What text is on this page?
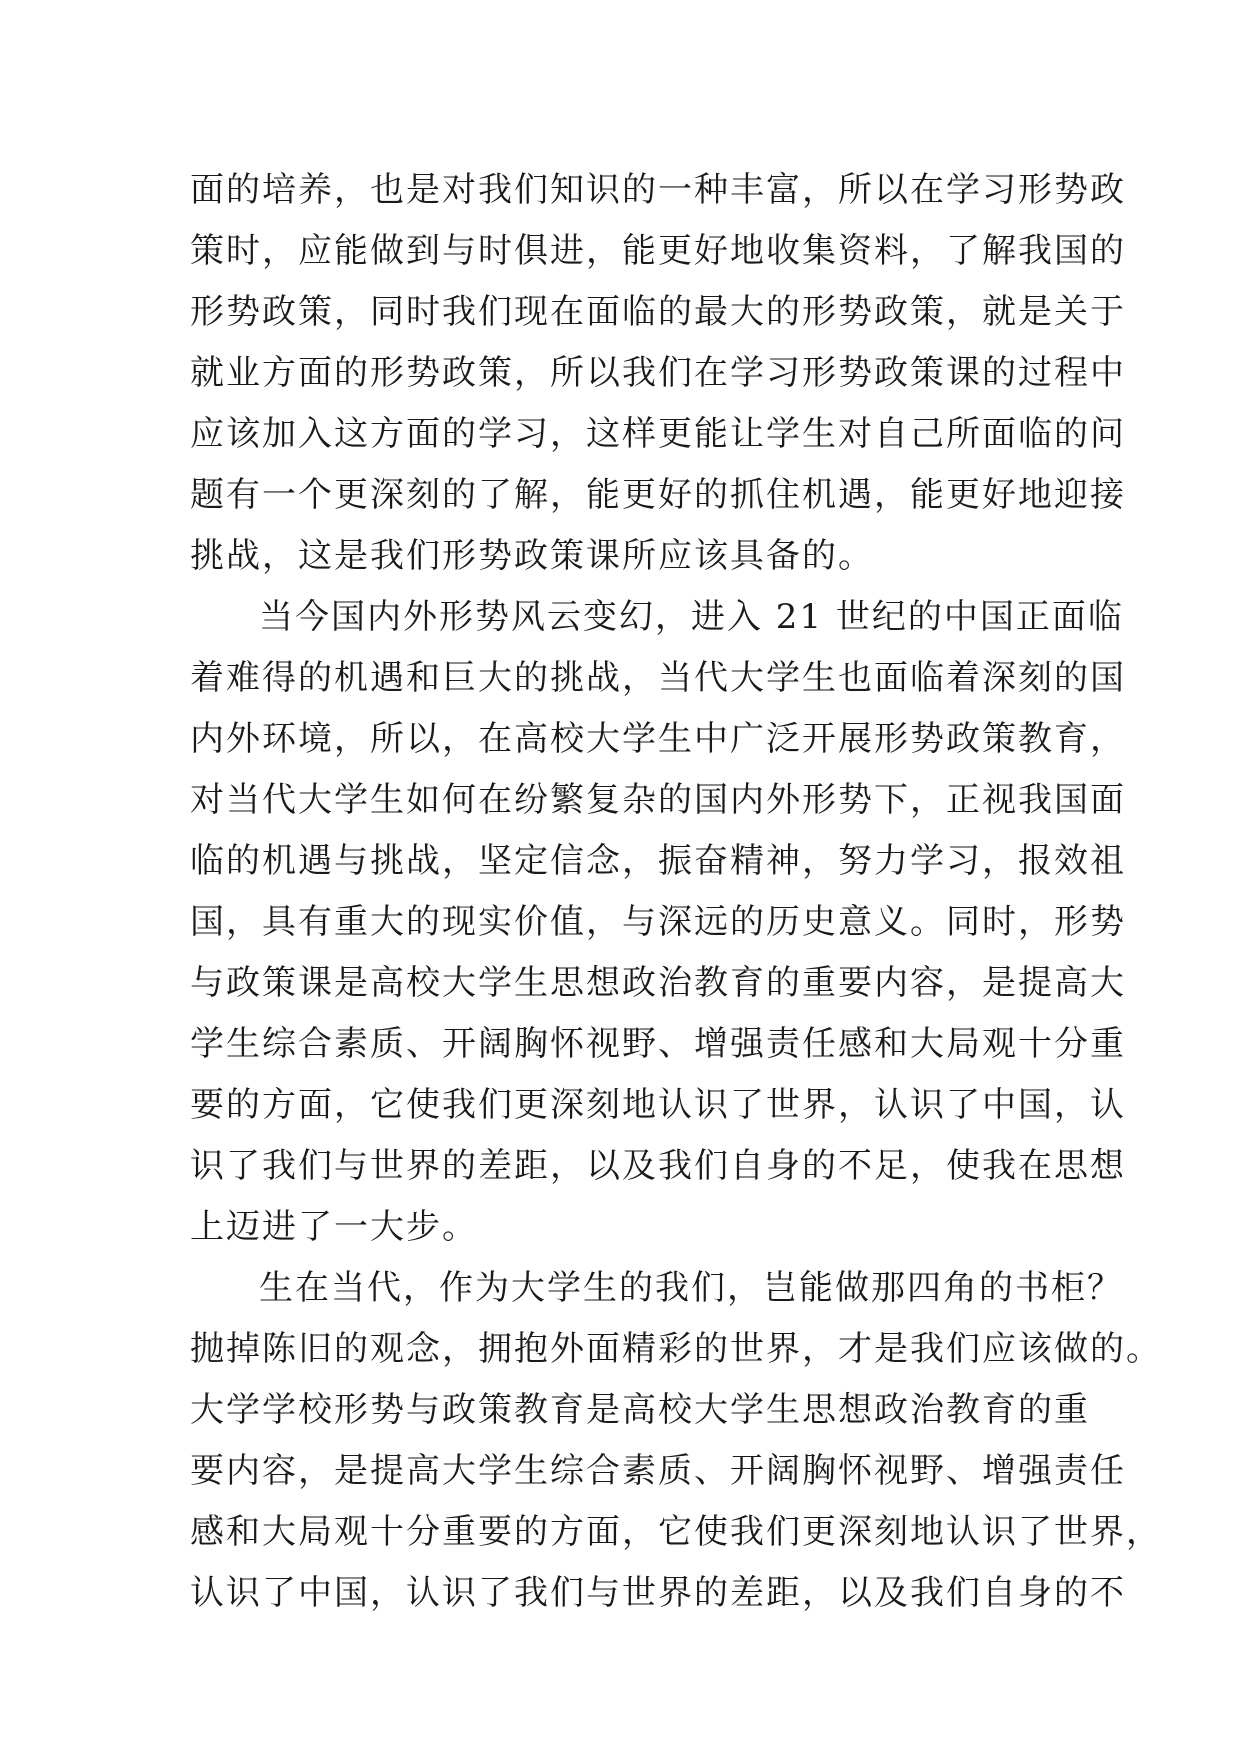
面的培养，也是对我们知识的一种丰富，所以在学习形势政
策时，应能做到与时俱进，能更好地收集资料，了解我国的
形势政策，同时我们现在面临的最大的形势政策，就是关于
就业方面的形势政策，所以我们在学习形势政策课的过程中
应该加入这方面的学习，这样更能让学生对自己所面临的问
题有一个更深刻的了解，能更好的抓住机遇，能更好地迎接
挑战，这是我们形势政策课所应该具备的。
当今国内外形势风云变幻，进入 21 世纪的中国正面临
着难得的机遇和巨大的挑战，当代大学生也面临着深刻的国
内外环境，所以，在高校大学生中广泛开展形势政策教育，
对当代大学生如何在纷繁复杂的国内外形势下，正视我国面
临的机遇与挑战，坚定信念，振奋精神，努力学习，报效祖
国，具有重大的现实价值，与深远的历史意义。同时，形势
与政策课是高校大学生思想政治教育的重要内容，是提高大
学生综合素质、开阔胸怀视野、增强责任感和大局观十分重
要的方面，它使我们更深刻地认识了世界，认识了中国，认
识了我们与世界的差距，以及我们自身的不足，使我在思想
上迈进了一大步。
生在当代，作为大学生的我们，岂能做那四角的书柜？
抛掉陈旧的观念，拥抱外面精彩的世界，才是我们应该做的。
大学学校形势与政策教育是高校大学生思想政治教育的重
要内容，是提高大学生综合素质、开阔胸怀视野、增强责任
感和大局观十分重要的方面，它使我们更深刻地认识了世界，
认识了中国，认识了我们与世界的差距，以及我们自身的不
